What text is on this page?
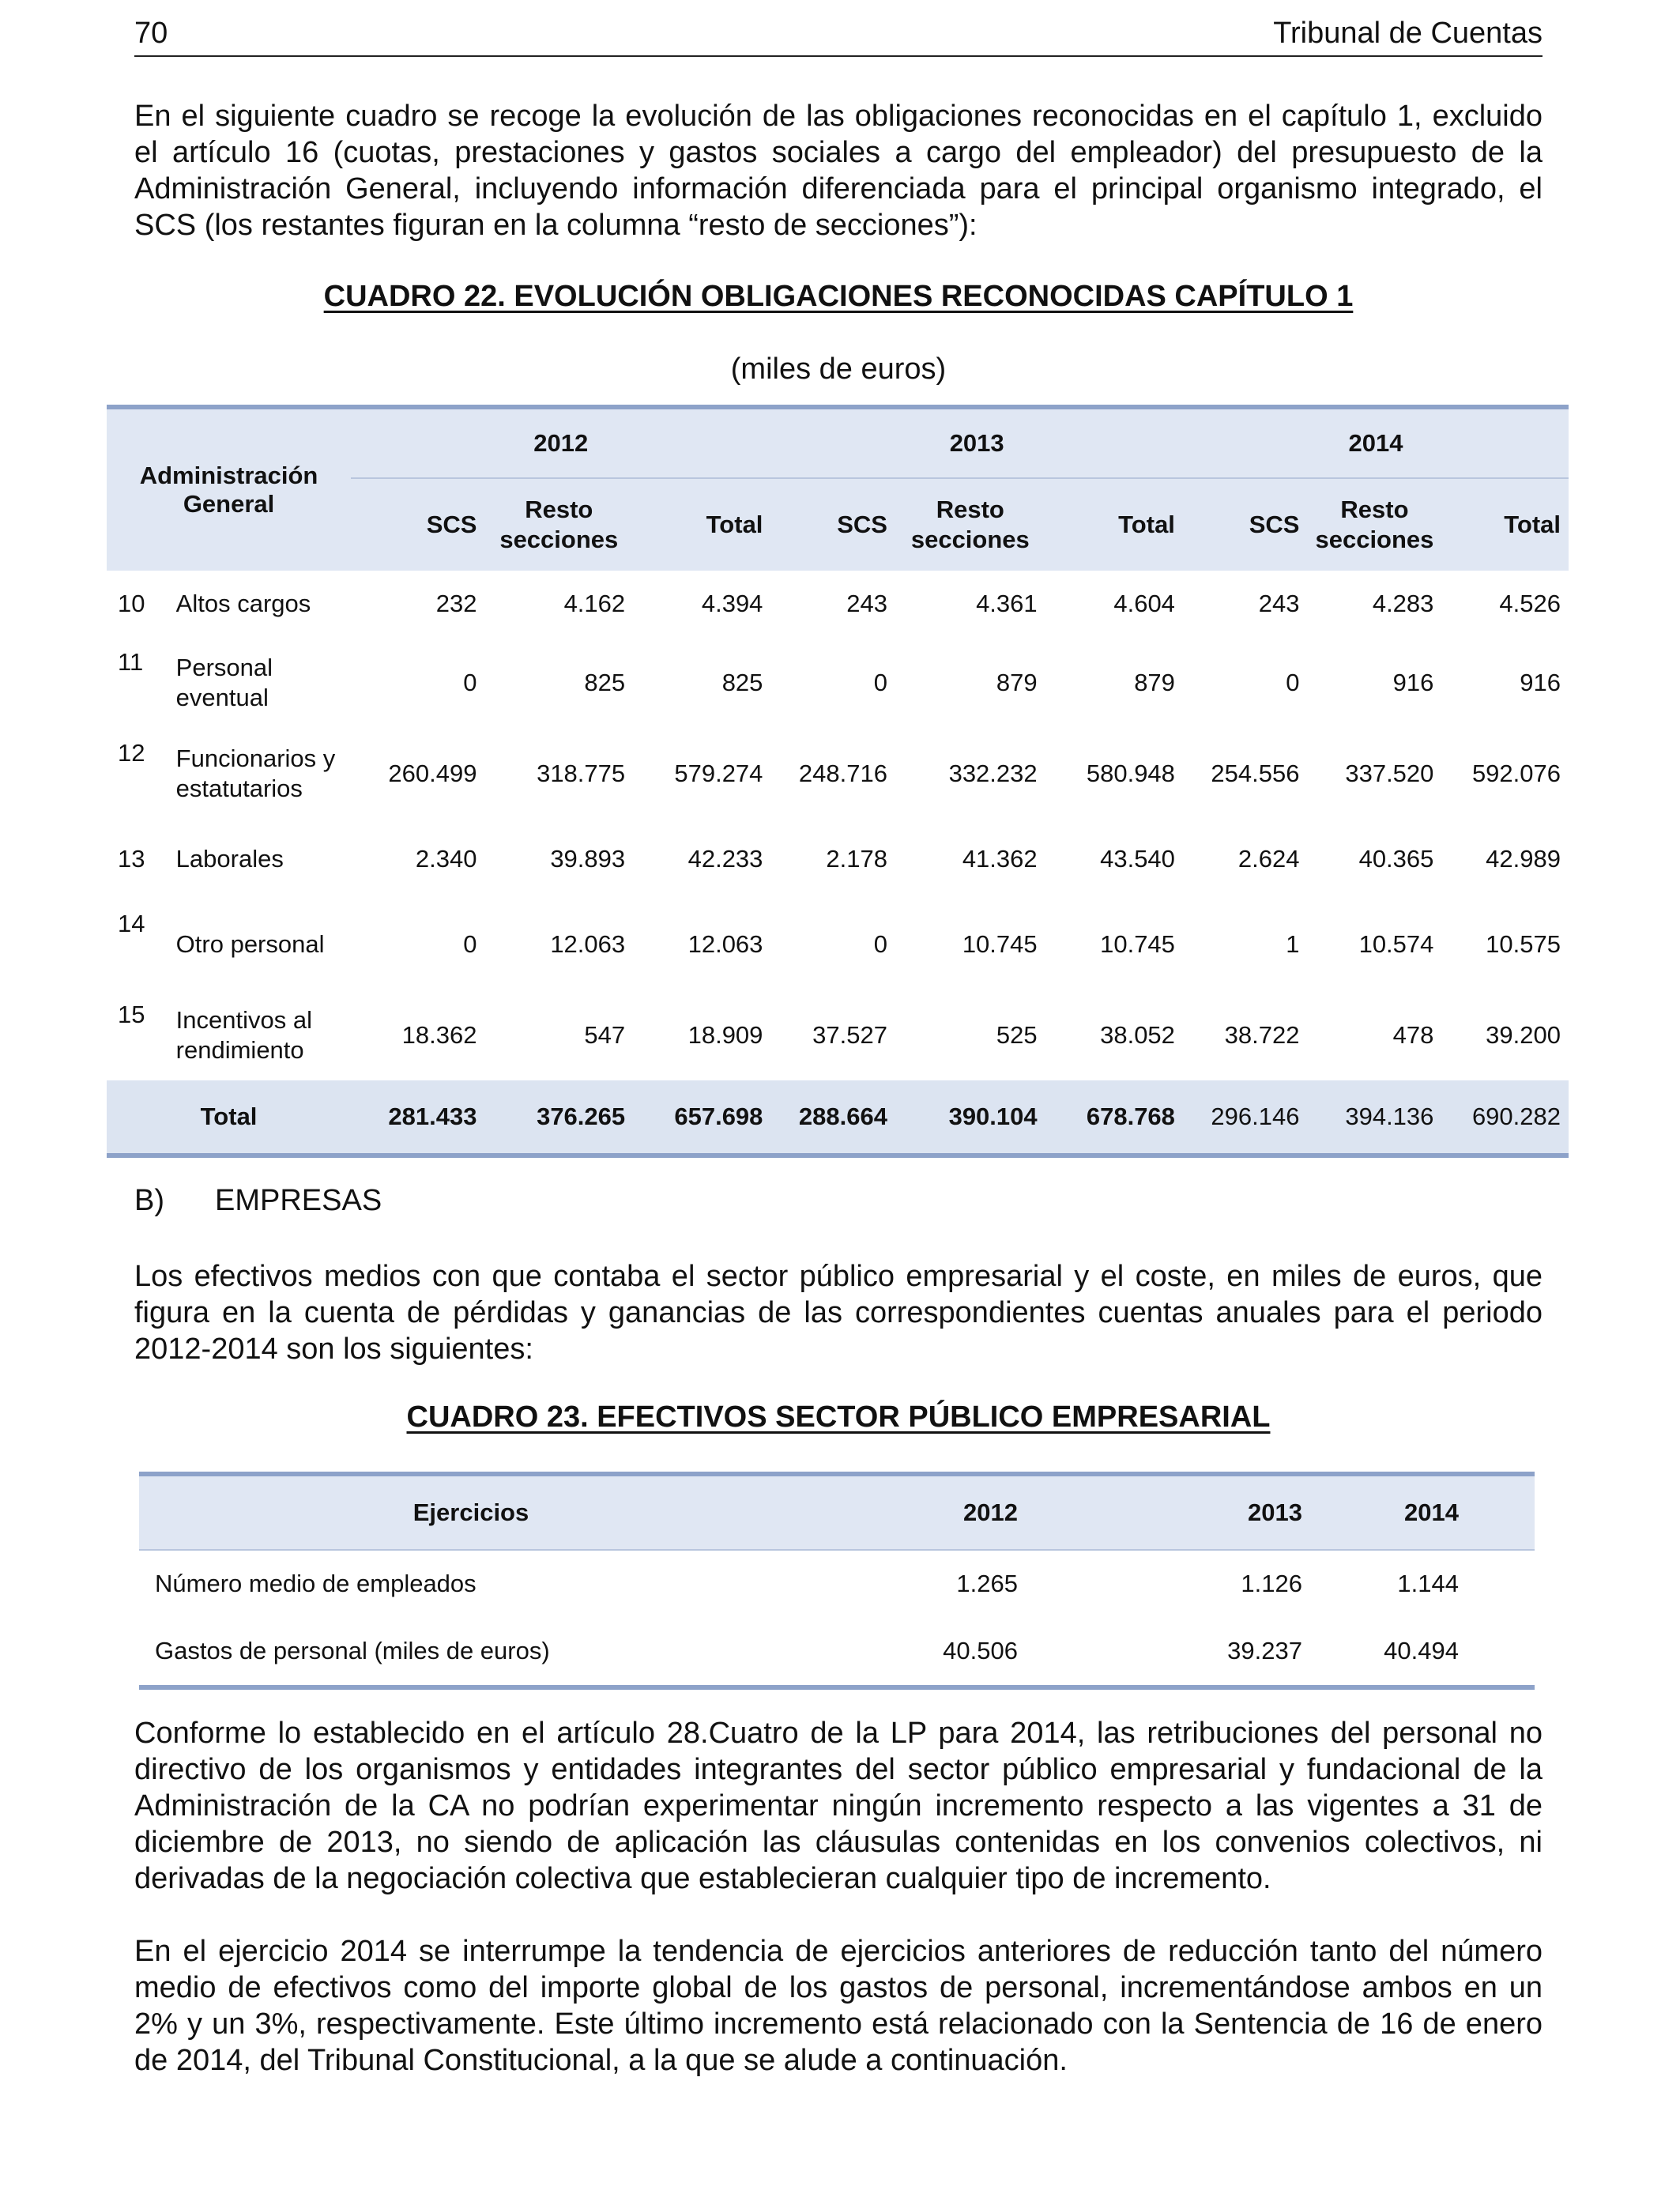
70	Tribunal de Cuentas

En el siguiente cuadro se recoge la evolución de las obligaciones reconocidas en el capítulo 1, excluido el artículo 16 (cuotas, prestaciones y gastos sociales a cargo del empleador) del presupuesto de la Administración General, incluyendo información diferenciada para el principal organismo integrado, el SCS (los restantes figuran en la columna “resto de secciones”):

CUADRO 22. EVOLUCIÓN OBLIGACIONES RECONOCIDAS CAPÍTULO 1
(miles de euros)
Administración General		2012			2013			2014		
		SCS	Resto secciones	Total	SCS	Resto secciones	Total	SCS	Resto secciones	Total
10	Altos cargos	232	4.162	4.394	243	4.361	4.604	243	4.283	4.526
11	Personal eventual	0	825	825	0	879	879	0	916	916
12	Funcionarios y estatutarios	260.499	318.775	579.274	248.716	332.232	580.948	254.556	337.520	592.076
13	Laborales	2.340	39.893	42.233	2.178	41.362	43.540	2.624	40.365	42.989
14	Otro personal	0	12.063	12.063	0	10.745	10.745	1	10.574	10.575
15	Incentivos al rendimiento	18.362	547	18.909	37.527	525	38.052	38.722	478	39.200
Total		281.433	376.265	657.698	288.664	390.104	678.768	296.146	394.136	690.282
B) EMPRESAS

Los efectivos medios con que contaba el sector público empresarial y el coste, en miles de euros, que figura en la cuenta de pérdidas y ganancias de las correspondientes cuentas anuales para el periodo 2012-2014 son los siguientes:

CUADRO 23. EFECTIVOS SECTOR PÚBLICO EMPRESARIAL
Ejercicios	2012	2013	2014
Número medio de empleados	1.265	1.126	1.144
Gastos de personal (miles de euros)	40.506	39.237	40.494

Conforme lo establecido en el artículo 28.Cuatro de la LP para 2014, las retribuciones del personal no directivo de los organismos y entidades integrantes del sector público empresarial y fundacional de la Administración de la CA no podrían experimentar ningún incremento respecto a las vigentes a 31 de diciembre de 2013, no siendo de aplicación las cláusulas contenidas en los convenios colectivos, ni derivadas de la negociación colectiva que establecieran cualquier tipo de incremento.

En el ejercicio 2014 se interrumpe la tendencia de ejercicios anteriores de reducción tanto del número medio de efectivos como del importe global de los gastos de personal, incrementándose ambos en un 2% y un 3%, respectivamente. Este último incremento está relacionado con la Sentencia de 16 de enero de 2014, del Tribunal Constitucional, a la que se alude a continuación.
